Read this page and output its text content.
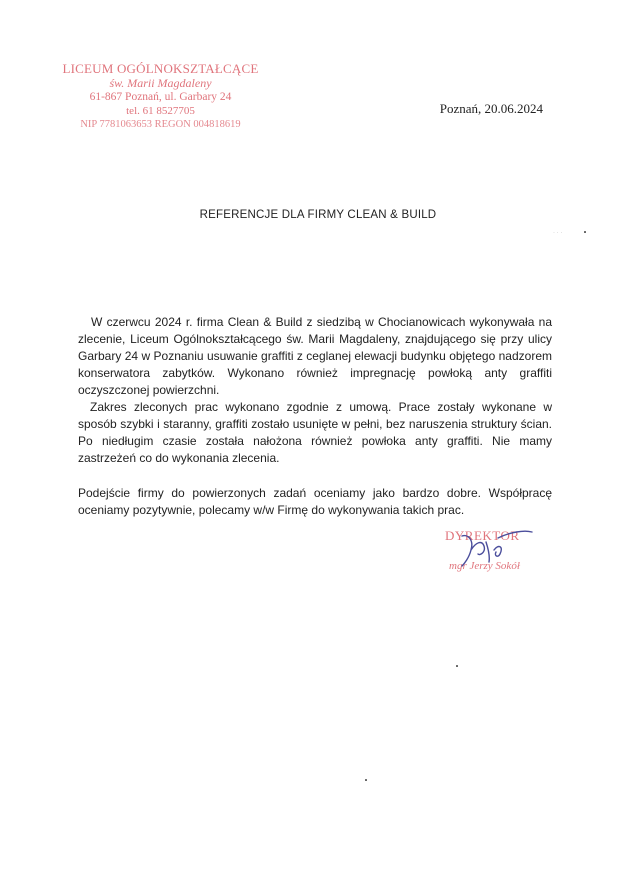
LICEUM OGÓLNOKSZTAŁCĄCE
św. Marii Magdaleny
61-867 Poznań, ul. Garbary 24
tel. 61 8527705
NIP 7781063653 REGON 004818619
Poznań, 20.06.2024
REFERENCJE DLA FIRMY CLEAN & BUILD
· · ·

W czerwcu 2024 r. firma Clean & Build z siedzibą w Chocianowicach wykonywała na zlecenie, Liceum Ogólnokształcącego św. Marii Magdaleny, znajdującego się przy ulicy Garbary 24 w Poznaniu usuwanie graffiti z ceglanej elewacji budynku objętego nadzorem konserwatora zabytków. Wykonano również impregnację powłoką anty graffiti oczyszczonej powierzchni.

Zakres zleconych prac wykonano zgodnie z umową. Prace zostały wykonane w sposób szybki i staranny, graffiti zostało usunięte w pełni, bez naruszenia struktury ścian. Po niedługim czasie została nałożona również powłoka anty graffiti. Nie mamy zastrzeżeń co do wykonania zlecenia.

Podejście firmy do powierzonych zadań oceniamy jako bardzo dobre. Współpracę oceniamy pozytywnie, polecamy w/w Firmę do wykonywania takich prac.

DYREKTOR
mgr Jerzy Sokół
